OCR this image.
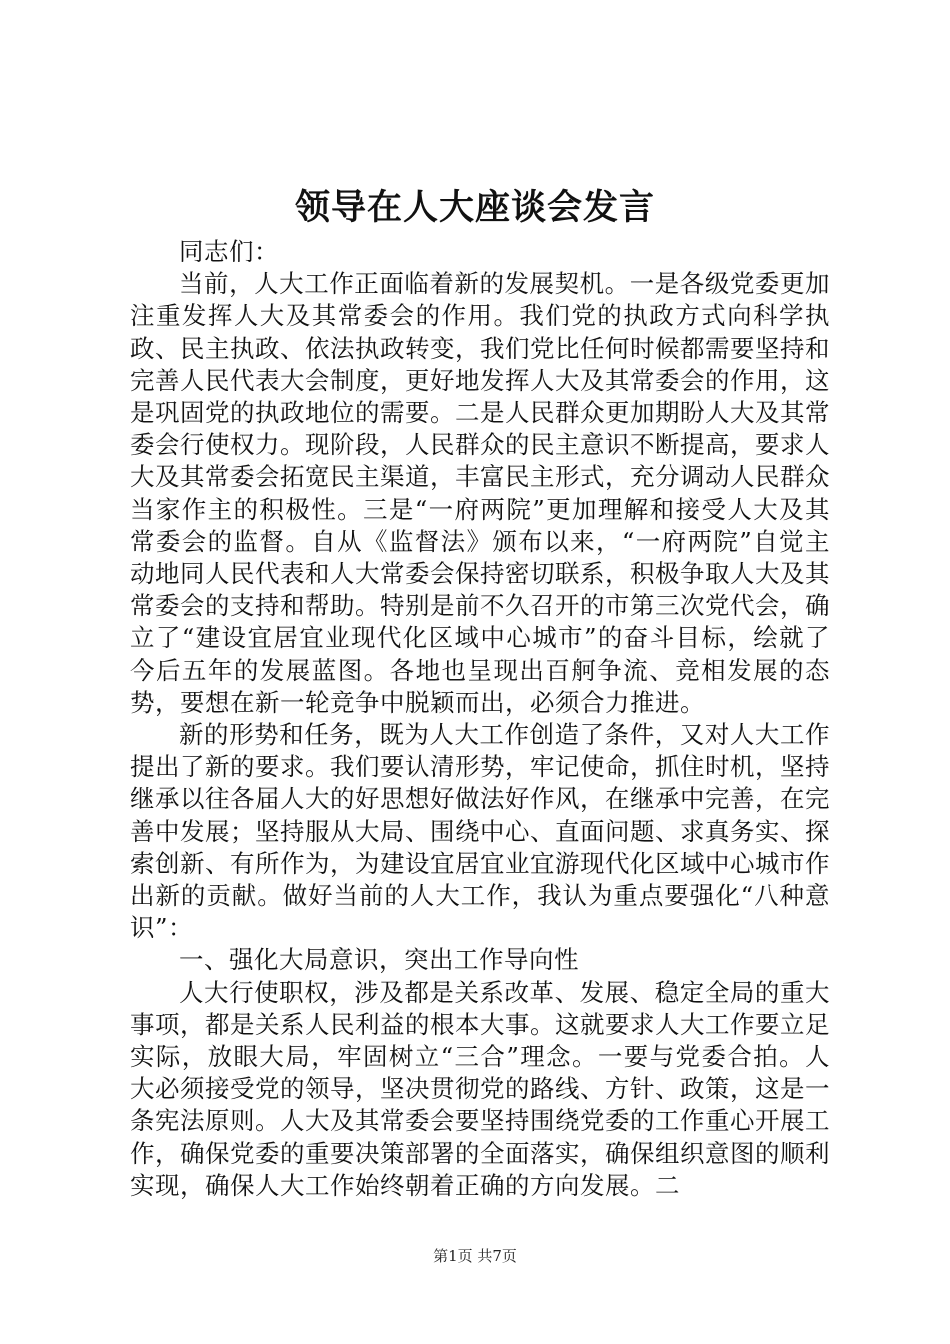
领导在人大座谈会发言

同志们：

当前，人大工作正面临着新的发展契机。一是各级党委更加注重发挥人大及其常委会的作用。我们党的执政方式向科学执政、民主执政、依法执政转变，我们党比任何时候都需要坚持和完善人民代表大会制度，更好地发挥人大及其常委会的作用，这是巩固党的执政地位的需要。二是人民群众更加期盼人大及其常委会行使权力。现阶段，人民群众的民主意识不断提高，要求人大及其常委会拓宽民主渠道，丰富民主形式，充分调动人民群众当家作主的积极性。三是“一府两院”更加理解和接受人大及其常委会的监督。自从《监督法》颁布以来，“一府两院”自觉主动地同人民代表和人大常委会保持密切联系，积极争取人大及其常委会的支持和帮助。特别是前不久召开的市第三次党代会，确立了“建设宜居宜业现代化区域中心城市”的奋斗目标，绘就了今后五年的发展蓝图。各地也呈现出百舸争流、竞相发展的态势，要想在新一轮竞争中脱颖而出，必须合力推进。

新的形势和任务，既为人大工作创造了条件，又对人大工作提出了新的要求。我们要认清形势，牢记使命，抓住时机，坚持继承以往各届人大的好思想好做法好作风，在继承中完善，在完善中发展；坚持服从大局、围绕中心、直面问题、求真务实、探索创新、有所作为，为建设宜居宜业宜游现代化区域中心城市作出新的贡献。做好当前的人大工作，我认为重点要强化“八种意识”：

一、强化大局意识，突出工作导向性

人大行使职权，涉及都是关系改革、发展、稳定全局的重大事项，都是关系人民利益的根本大事。这就要求人大工作要立足实际，放眼大局，牢固树立“三合”理念。一要与党委合拍。人大必须接受党的领导，坚决贯彻党的路线、方针、政策，这是一条宪法原则。人大及其常委会要坚持围绕党委的工作重心开展工作，确保党委的重要决策部署的全面落实，确保组织意图的顺利实现，确保人大工作始终朝着正确的方向发展。二

第1页 共7页
